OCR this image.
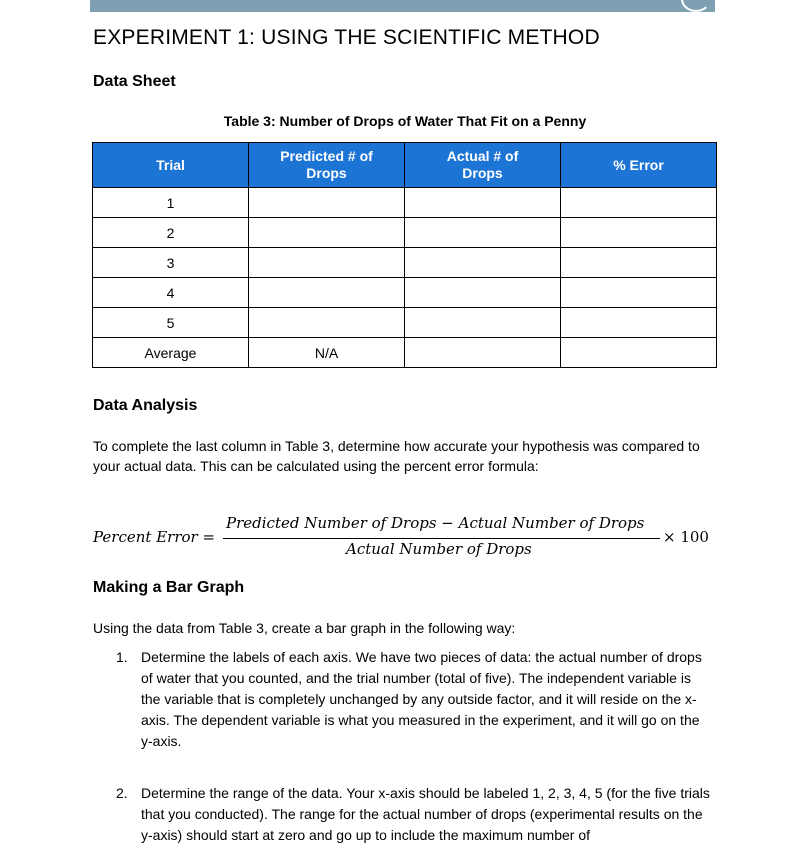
EXPERIMENT 1: USING THE SCIENTIFIC METHOD
Data Sheet
Table 3: Number of Drops of Water That Fit on a Penny
Trial	Predicted # of Drops	Actual # of Drops	% Error
1			
2			
3			
4			
5			
Average	N/A		
Data Analysis
To complete the last column in Table 3, determine how accurate your hypothesis was compared to your actual data. This can be calculated using the percent error formula:
Percent Error =
Predicted Number of Drops − Actual Number of Drops
Actual Number of Drops
× 100
Making a Bar Graph
Using the data from Table 3, create a bar graph in the following way:
1. Determine the labels of each axis. We have two pieces of data: the actual number of drops of water that you counted, and the trial number (total of five). The independent variable is the variable that is completely unchanged by any outside factor, and it will reside on the x-axis. The dependent variable is what you measured in the experiment, and it will go on the y-axis.
2. Determine the range of the data. Your x-axis should be labeled 1, 2, 3, 4, 5 (for the five trials that you conducted). The range for the actual number of drops (experimental results on the y-axis) should start at zero and go up to include the maximum number of
